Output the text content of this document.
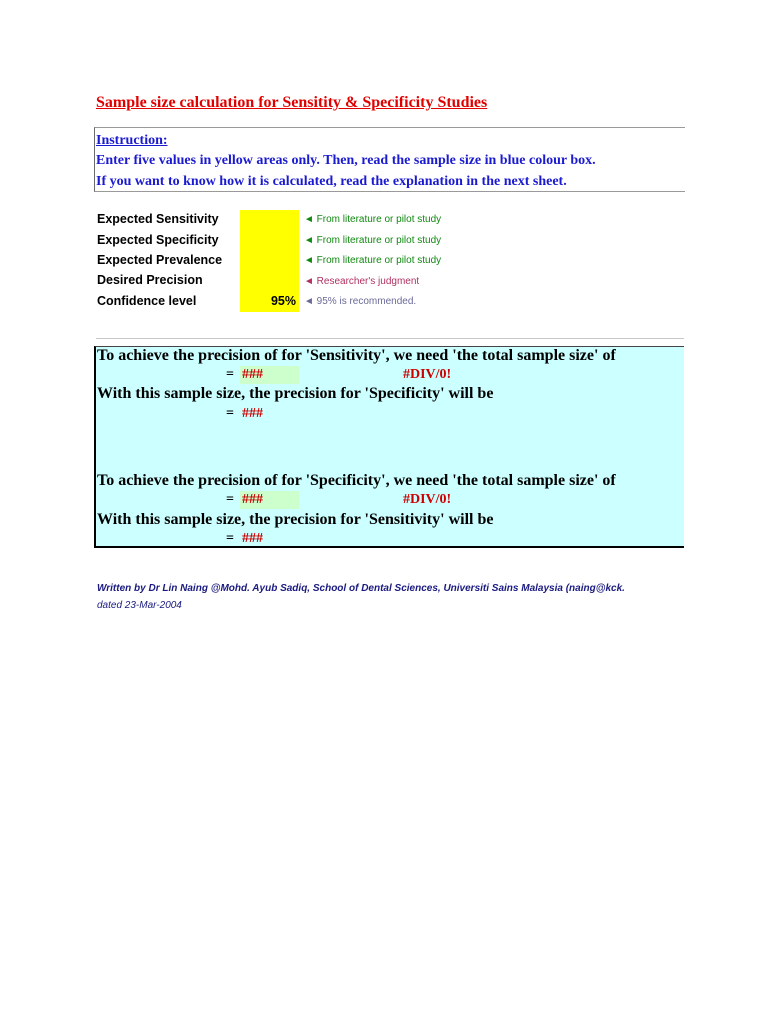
Sample size calculation for Sensitity & Specificity Studies
Instruction:
Enter five values in yellow areas only. Then, read the sample size in blue colour box.
If you want to know how it is calculated, read the explanation in the next sheet.
Expected Sensitivity	◄ From literature or pilot study
Expected Specificity	◄ From literature or pilot study
Expected Prevalence	◄ From literature or pilot study
Desired Precision	◄ Researcher's judgment
Confidence level	95% ◄ 95% is recommended.
To achieve the precision of for 'Sensitivity', we need 'the total sample size' of
= ###	#DIV/0!
With this sample size, the precision for 'Specificity' will be
= ###
To achieve the precision of for 'Specificity', we need 'the total sample size' of
= ###	#DIV/0!
With this sample size, the precision for 'Sensitivity' will be
= ###
Written by Dr Lin Naing @Mohd. Ayub Sadiq, School of Dental Sciences, Universiti Sains Malaysia (naing@kck.
dated 23-Mar-2004
